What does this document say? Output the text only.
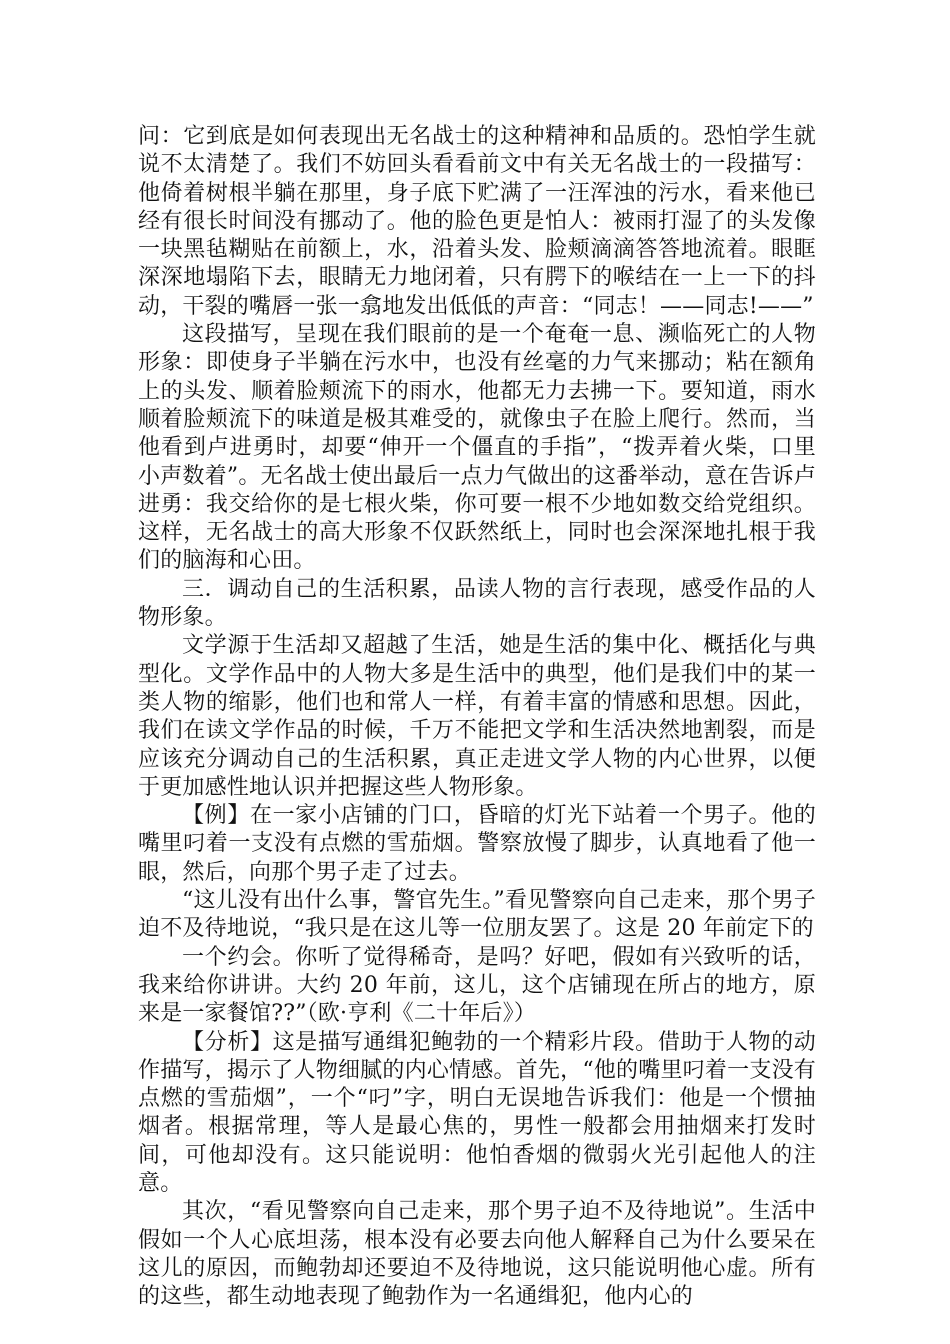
问：它到底是如何表现出无名战士的这种精神和品质的。恐怕学生就说不太清楚了。我们不妨回头看看前文中有关无名战士的一段描写：他倚着树根半躺在那里，身子底下贮满了一汪浑浊的污水，看来他已经有很长时间没有挪动了。他的脸色更是怕人：被雨打湿了的头发像一块黑毡糊贴在前额上，水，沿着头发、脸颊滴滴答答地流着。眼眶深深地塌陷下去，眼睛无力地闭着，只有腭下的喉结在一上一下的抖动，干裂的嘴唇一张一翕地发出低低的声音：“同志！——同志!——”

这段描写，呈现在我们眼前的是一个奄奄一息、濒临死亡的人物形象：即使身子半躺在污水中，也没有丝毫的力气来挪动；粘在额角上的头发、顺着脸颊流下的雨水，他都无力去拂一下。要知道，雨水顺着脸颊流下的味道是极其难受的，就像虫子在脸上爬行。然而，当他看到卢进勇时，却要“伸开一个僵直的手指”，“拨弄着火柴，口里小声数着”。无名战士使出最后一点力气做出的这番举动，意在告诉卢进勇：我交给你的是七根火柴，你可要一根不少地如数交给党组织。这样，无名战士的高大形象不仅跃然纸上，同时也会深深地扎根于我们的脑海和心田。

三．调动自己的生活积累，品读人物的言行表现，感受作品的人物形象。

文学源于生活却又超越了生活，她是生活的集中化、概括化与典型化。文学作品中的人物大多是生活中的典型，他们是我们中的某一类人物的缩影，他们也和常人一样，有着丰富的情感和思想。因此，我们在读文学作品的时候，千万不能把文学和生活决然地割裂，而是应该充分调动自己的生活积累，真正走进文学人物的内心世界，以便于更加感性地认识并把握这些人物形象。

【例】在一家小店铺的门口，昏暗的灯光下站着一个男子。他的嘴里叼着一支没有点燃的雪茄烟。警察放慢了脚步，认真地看了他一眼，然后，向那个男子走了过去。

“这儿没有出什么事，警官先生。”看见警察向自己走来，那个男子迫不及待地说，“我只是在这儿等一位朋友罢了。这是 20 年前定下的

一个约会。你听了觉得稀奇，是吗？好吧，假如有兴致听的话，我来给你讲讲。大约 20 年前，这儿，这个店铺现在所占的地方，原来是一家餐馆??”（欧·亨利《二十年后》）

【分析】这是描写通缉犯鲍勃的一个精彩片段。借助于人物的动作描写，揭示了人物细腻的内心情感。首先，“他的嘴里叼着一支没有点燃的雪茄烟”，一个“叼”字，明白无误地告诉我们：他是一个惯抽烟者。根据常理，等人是最心焦的，男性一般都会用抽烟来打发时间，可他却没有。这只能说明：他怕香烟的微弱火光引起他人的注意。

其次，“看见警察向自己走来，那个男子迫不及待地说”。生活中假如一个人心底坦荡，根本没有必要去向他人解释自己为什么要呆在这儿的原因，而鲍勃却还要迫不及待地说，这只能说明他心虚。所有的这些，都生动地表现了鲍勃作为一名通缉犯，他内心的
